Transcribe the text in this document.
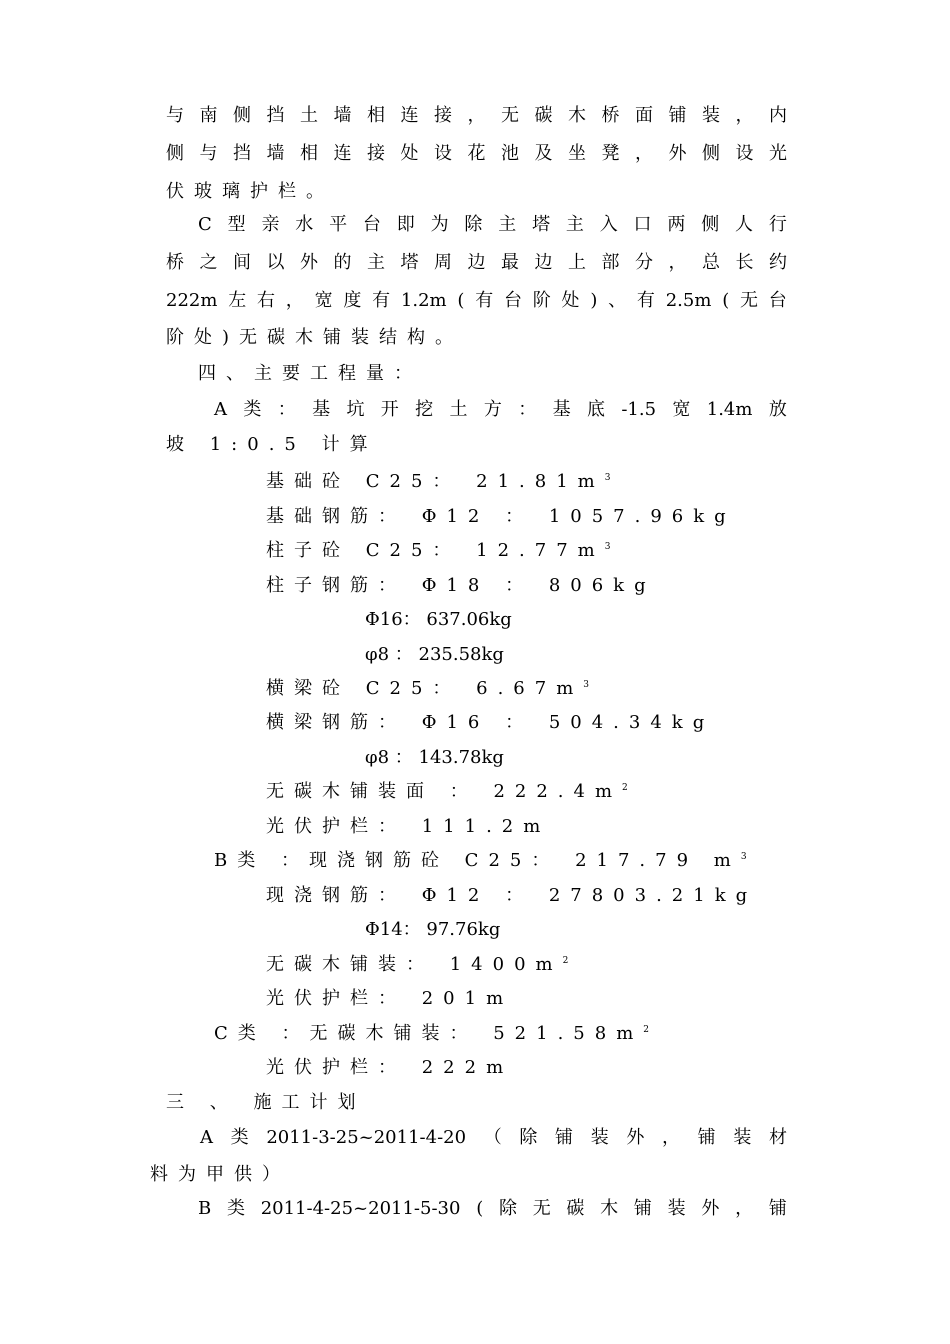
与 南 侧 挡 土 墙 相 连 接 ， 无 碳 木 桥 面 铺 装 ， 内
侧 与 挡 墙 相 连 接 处 设 花 池 及 坐 凳 ， 外 侧 设 光
伏玻璃护栏。
C 型 亲 水 平 台 即 为 除 主 塔 主 入 口 两 侧 人 行
桥 之 间 以 外 的 主 塔 周 边 最 边 上 部 分 ， 总 长 约
222m 左 右 ， 宽 度 有 1.2m ( 有 台 阶 处 ) 、 有 2.5m ( 无 台
阶处)无碳木铺装结构。
四、主要工程量：
A 类 ： 基 坑 开 挖 土 方 ： 基 底 -1.5 宽 1.4m 放
坡 1:0.5 计算
基础砼 C25： $21.81m^3$
基础钢筋： Φ12 ： 1057.96kg
柱子砼 C25： $12.77m^3$
柱子钢筋： Φ18 ： 806kg
Φ16： 637.06kg
φ8 ： 235.58kg
横梁砼 C25： $6.67m^3$
横梁钢筋： Φ16 ： 504.34kg
φ8 ： 143.78kg
无碳木铺装面 ： $222.4m^2$
光伏护栏： 111.2m
B类 ：现浇钢筋砼 C25： 217.79 $m^3$
现浇钢筋： Φ12 ： 27803.21kg
Φ14： 97.76kg
无碳木铺装： $1400m^2$
光伏护栏： 201m
C类 ：无碳木铺装： $521.58m^2$
光伏护栏： 222m
三 、 施工计划
A 类 2011-3-25~2011-4-20 （ 除 铺 装 外 ， 铺 装 材
料为甲供）
B 类 2011-4-25~2011-5-30 ( 除 无 碳 木 铺 装 外 ， 铺
